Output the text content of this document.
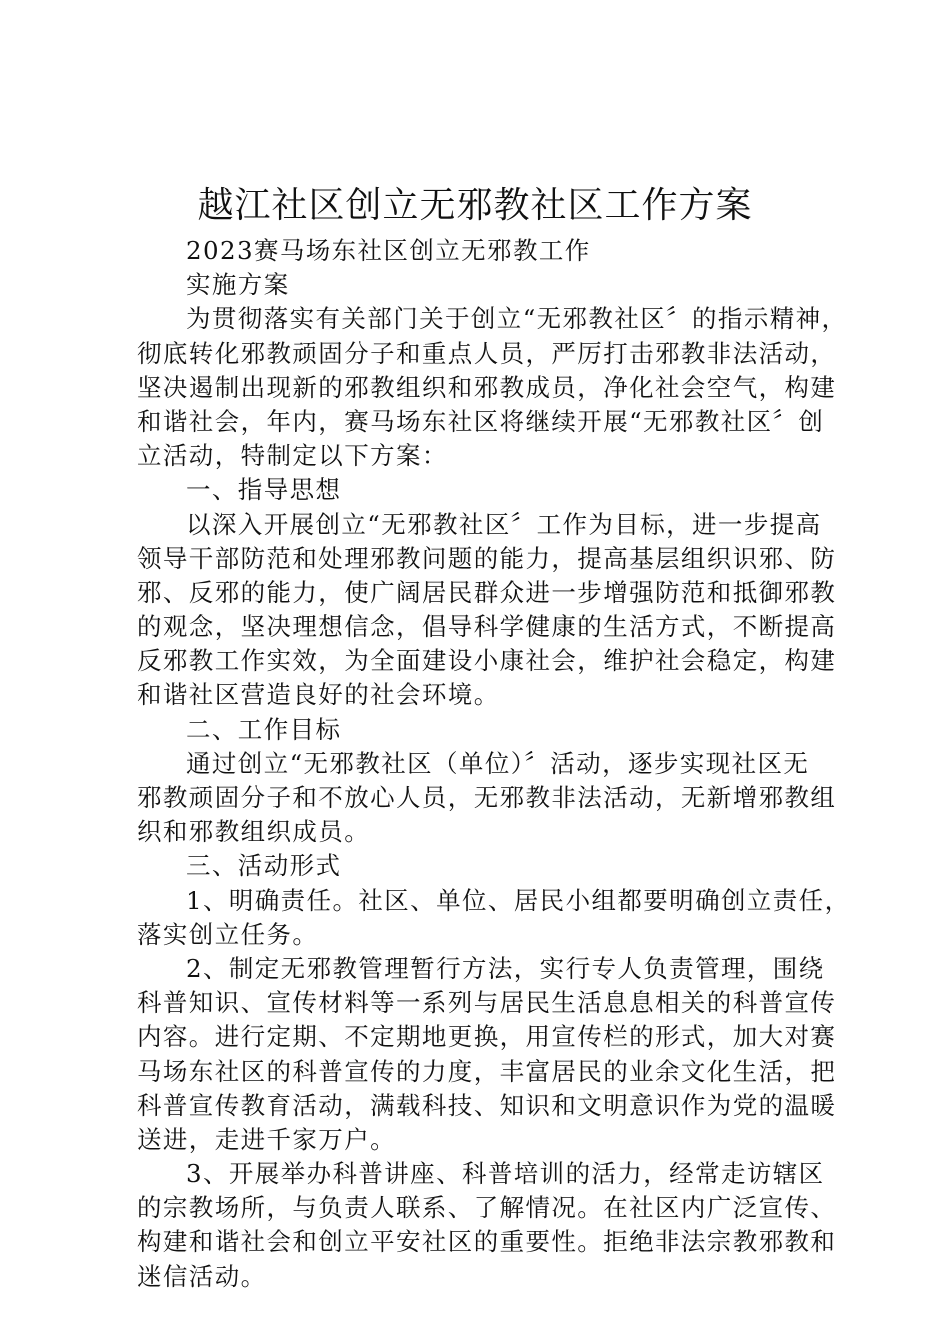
越江社区创立无邪教社区工作方案
2023赛马场东社区创立无邪教工作
实施方案
为贯彻落实有关部门关于创立“无邪教社区〞的指示精神，
彻底转化邪教顽固分子和重点人员，严厉打击邪教非法活动，
坚决遏制出现新的邪教组织和邪教成员，净化社会空气，构建
和谐社会，年内，赛马场东社区将继续开展“无邪教社区〞创
立活动，特制定以下方案：
一、指导思想
以深入开展创立“无邪教社区〞工作为目标，进一步提高
领导干部防范和处理邪教问题的能力，提高基层组织识邪、防
邪、反邪的能力，使广阔居民群众进一步增强防范和抵御邪教
的观念，坚决理想信念，倡导科学健康的生活方式，不断提高
反邪教工作实效，为全面建设小康社会，维护社会稳定，构建
和谐社区营造良好的社会环境。
二、工作目标
通过创立“无邪教社区（单位）〞活动，逐步实现社区无
邪教顽固分子和不放心人员，无邪教非法活动，无新增邪教组
织和邪教组织成员。
三、活动形式
1、明确责任。社区、单位、居民小组都要明确创立责任，
落实创立任务。
2、制定无邪教管理暂行方法，实行专人负责管理，围绕
科普知识、宣传材料等一系列与居民生活息息相关的科普宣传
内容。进行定期、不定期地更换，用宣传栏的形式，加大对赛
马场东社区的科普宣传的力度，丰富居民的业余文化生活，把
科普宣传教育活动，满载科技、知识和文明意识作为党的温暖
送进，走进千家万户。
3、开展举办科普讲座、科普培训的活力，经常走访辖区
的宗教场所，与负责人联系、了解情况。在社区内广泛宣传、
构建和谐社会和创立平安社区的重要性。拒绝非法宗教邪教和
迷信活动。
